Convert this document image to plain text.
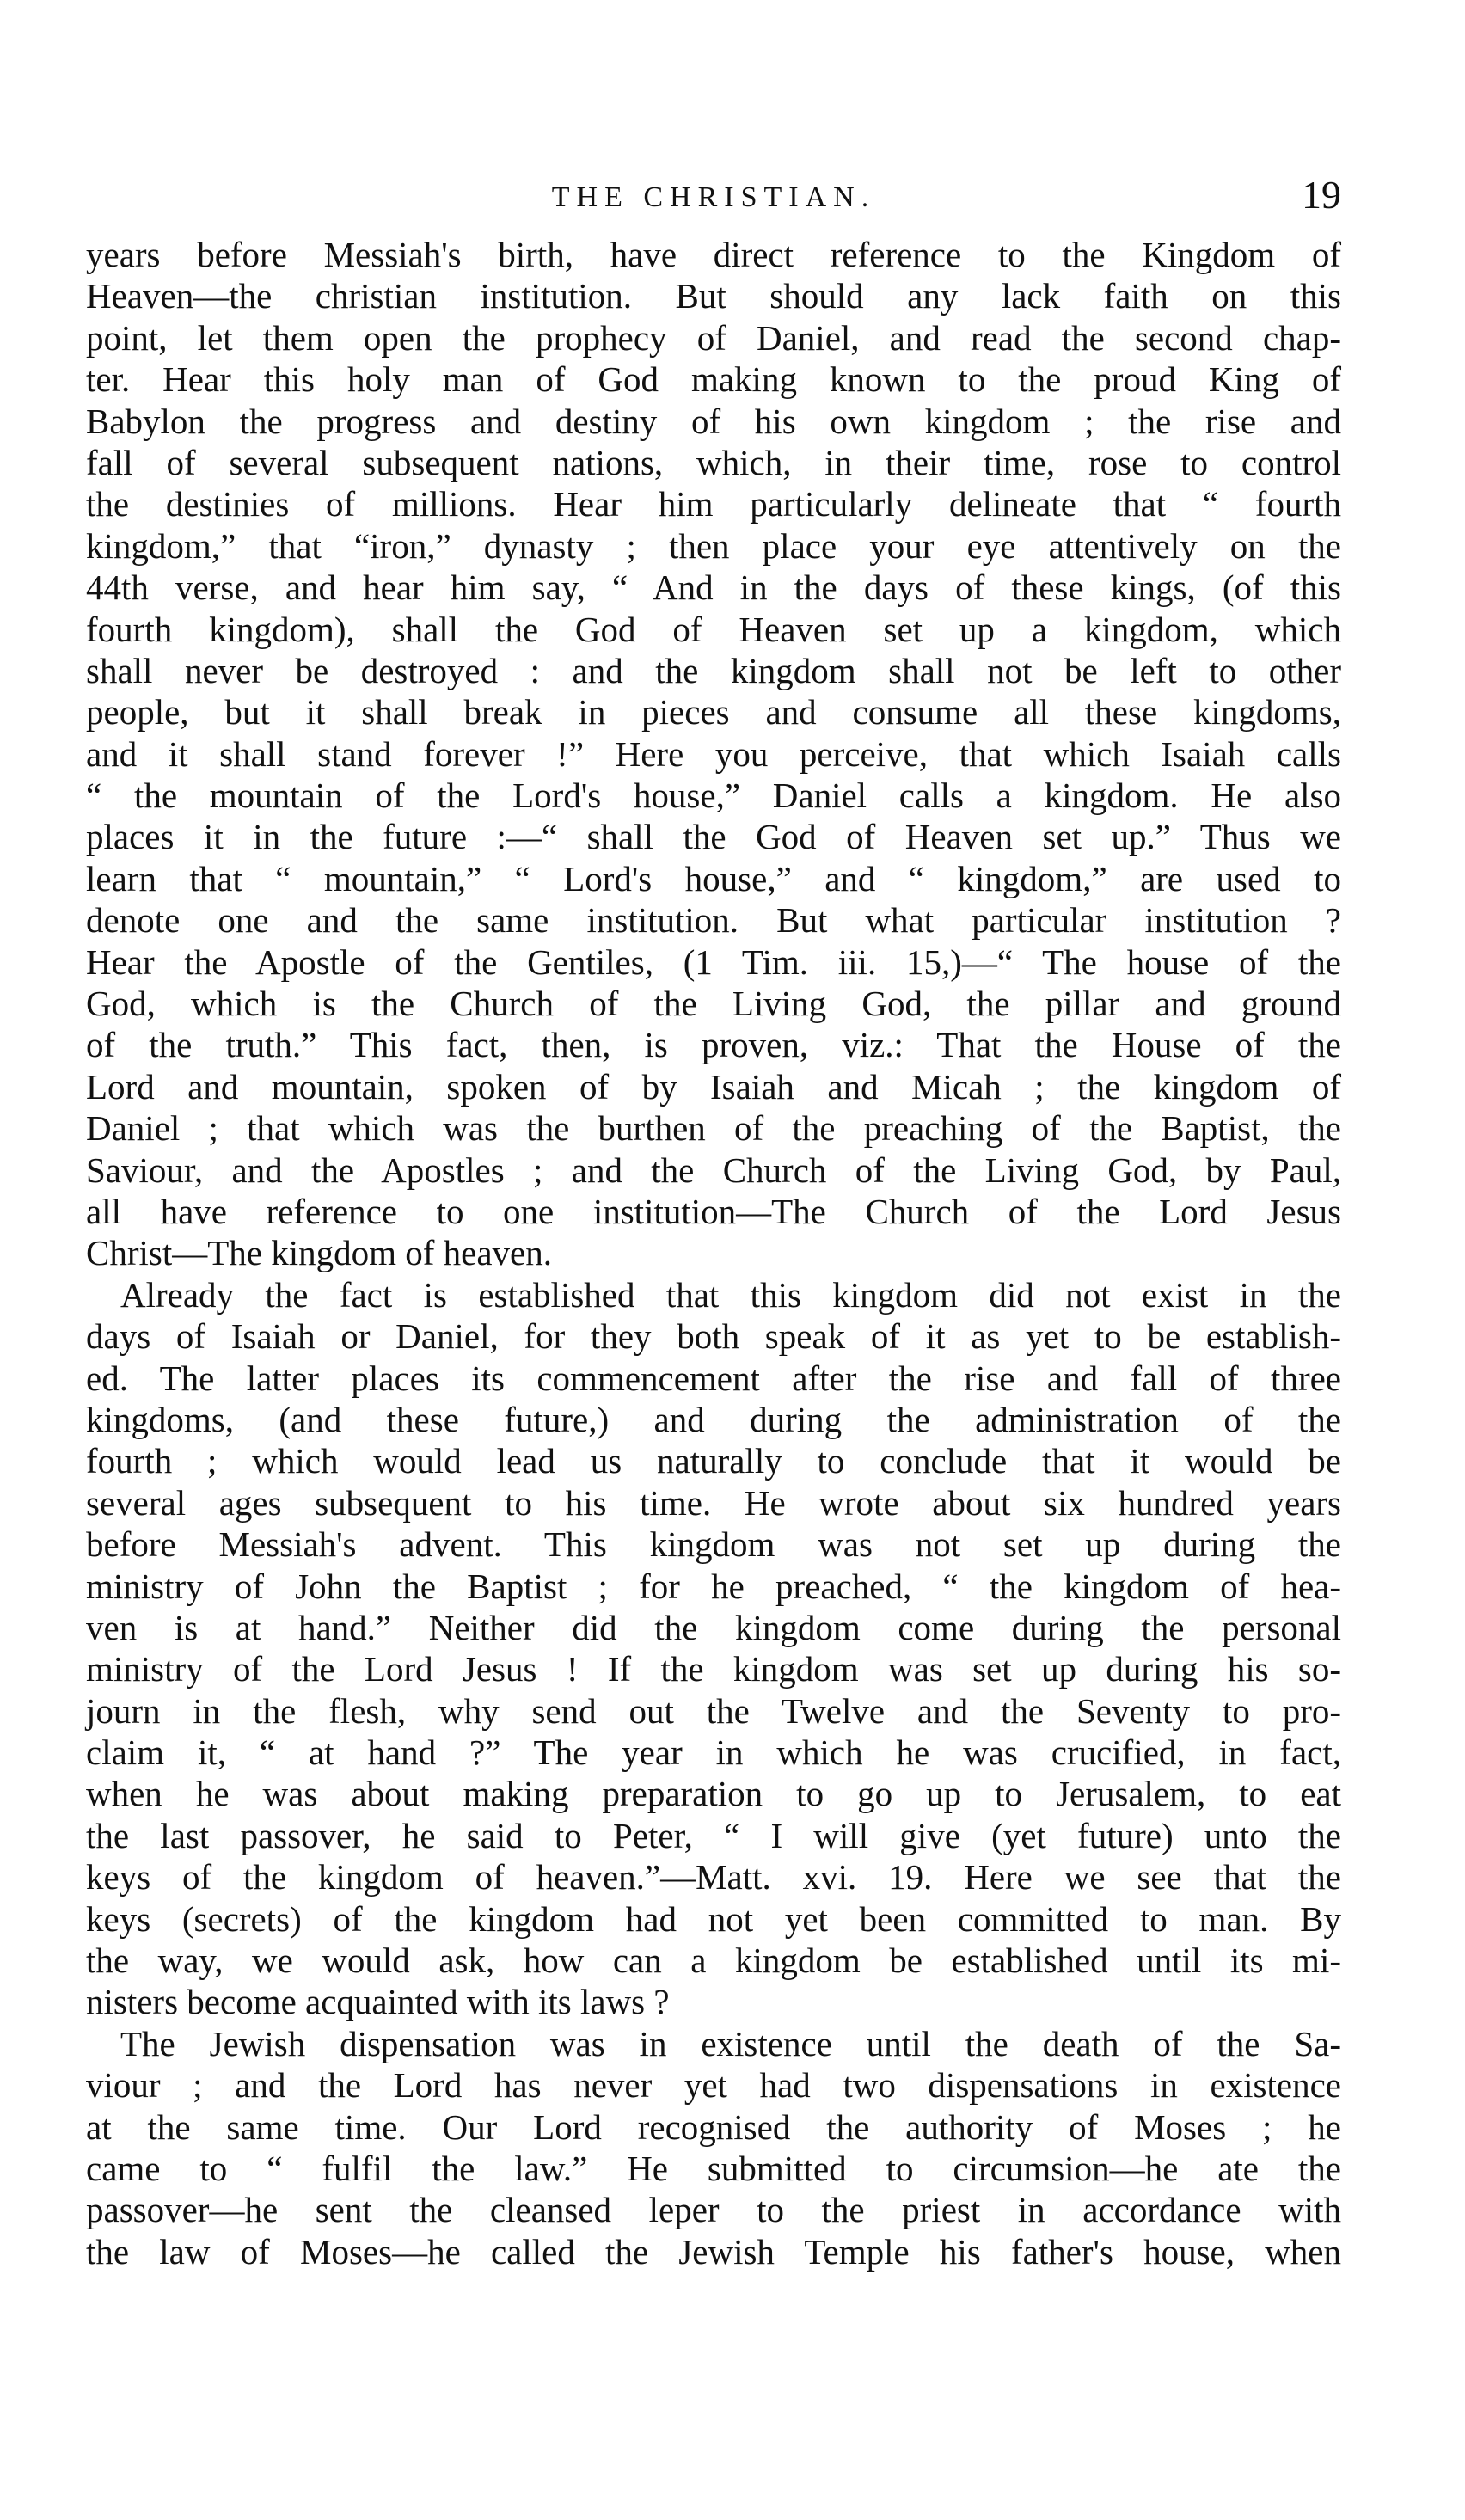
THE CHRISTIAN.	19
years before Messiah's birth, have direct reference to the Kingdom of
Heaven—the christian institution. But should any lack faith on this
point, let them open the prophecy of Daniel, and read the second chap-
ter. Hear this holy man of God making known to the proud King of
Babylon the progress and destiny of his own kingdom ; the rise and
fall of several subsequent nations, which, in their time, rose to control
the destinies of millions. Hear him particularly delineate that “ fourth
kingdom,” that “iron,” dynasty ; then place your eye attentively on the
44th verse, and hear him say, “ And in the days of these kings, (of this
fourth kingdom), shall the God of Heaven set up a kingdom, which
shall never be destroyed : and the kingdom shall not be left to other
people, but it shall break in pieces and consume all these kingdoms,
and it shall stand forever !” Here you perceive, that which Isaiah calls
“ the mountain of the Lord's house,” Daniel calls a kingdom. He also
places it in the future :—“ shall the God of Heaven set up.” Thus we
learn that “ mountain,” “ Lord's house,” and “ kingdom,” are used to
denote one and the same institution. But what particular institution ?
Hear the Apostle of the Gentiles, (1 Tim. iii. 15,)—“ The house of the
God, which is the Church of the Living God, the pillar and ground
of the truth.” This fact, then, is proven, viz.: That the House of the
Lord and mountain, spoken of by Isaiah and Micah ; the kingdom of
Daniel ; that which was the burthen of the preaching of the Baptist, the
Saviour, and the Apostles ; and the Church of the Living God, by Paul,
all have reference to one institution—The Church of the Lord Jesus
Christ—The kingdom of heaven.
Already the fact is established that this kingdom did not exist in the
days of Isaiah or Daniel, for they both speak of it as yet to be establish-
ed. The latter places its commencement after the rise and fall of three
kingdoms, (and these future,) and during the administration of the
fourth ; which would lead us naturally to conclude that it would be
several ages subsequent to his time. He wrote about six hundred years
before Messiah's advent. This kingdom was not set up during the
ministry of John the Baptist ; for he preached, “ the kingdom of hea-
ven is at hand.” Neither did the kingdom come during the personal
ministry of the Lord Jesus ! If the kingdom was set up during his so-
journ in the flesh, why send out the Twelve and the Seventy to pro-
claim it, “ at hand ?” The year in which he was crucified, in fact,
when he was about making preparation to go up to Jerusalem, to eat
the last passover, he said to Peter, “ I will give (yet future) unto the
keys of the kingdom of heaven.”—Matt. xvi. 19. Here we see that the
keys (secrets) of the kingdom had not yet been committed to man. By
the way, we would ask, how can a kingdom be established until its mi-
nisters become acquainted with its laws ?
The Jewish dispensation was in existence until the death of the Sa-
viour ; and the Lord has never yet had two dispensations in existence
at the same time. Our Lord recognised the authority of Moses ; he
came to “ fulfil the law.” He submitted to circumsion—he ate the
passover—he sent the cleansed leper to the priest in accordance with
the law of Moses—he called the Jewish Temple his father's house, when
